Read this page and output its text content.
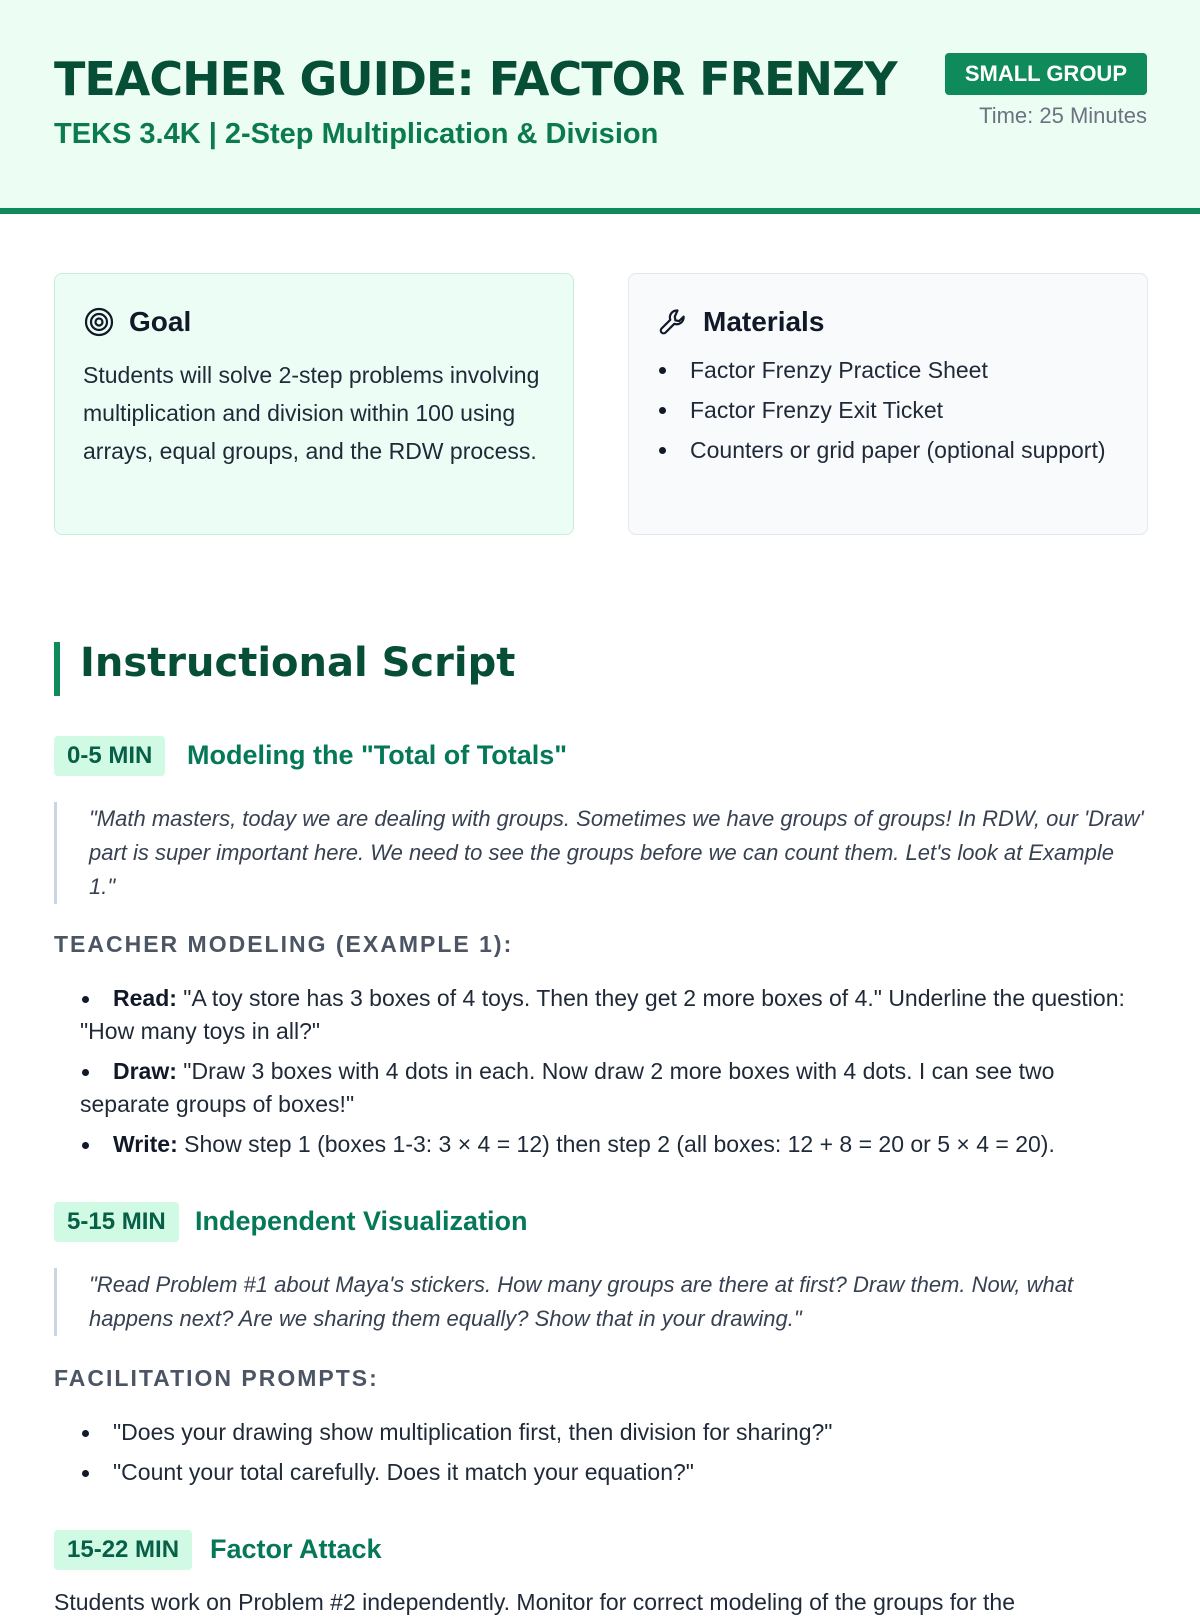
TEACHER GUIDE: FACTOR FRENZY
TEKS 3.4K | 2-Step Multiplication & Division
SMALL GROUP
Time: 25 Minutes
Goal
Students will solve 2-step problems involving multiplication and division within 100 using arrays, equal groups, and the RDW process.
Materials
Factor Frenzy Practice Sheet
Factor Frenzy Exit Ticket
Counters or grid paper (optional support)
Instructional Script
0-5 MIN	Modeling the "Total of Totals"
"Math masters, today we are dealing with groups. Sometimes we have groups of groups! In RDW, our 'Draw' part is super important here. We need to see the groups before we can count them. Let's look at Example 1."
TEACHER MODELING (EXAMPLE 1):
Read: "A toy store has 3 boxes of 4 toys. Then they get 2 more boxes of 4." Underline the question: "How many toys in all?"
Draw: "Draw 3 boxes with 4 dots in each. Now draw 2 more boxes with 4 dots. I can see two separate groups of boxes!"
Write: Show step 1 (boxes 1-3: 3 × 4 = 12) then step 2 (all boxes: 12 + 8 = 20 or 5 × 4 = 20).
5-15 MIN	Independent Visualization
"Read Problem #1 about Maya's stickers. How many groups are there at first? Draw them. Now, what happens next? Are we sharing them equally? Show that in your drawing."
FACILITATION PROMPTS:
"Does your drawing show multiplication first, then division for sharing?"
"Count your total carefully. Does it match your equation?"
15-22 MIN	Factor Attack
Students work on Problem #2 independently. Monitor for correct modeling of the groups for the
